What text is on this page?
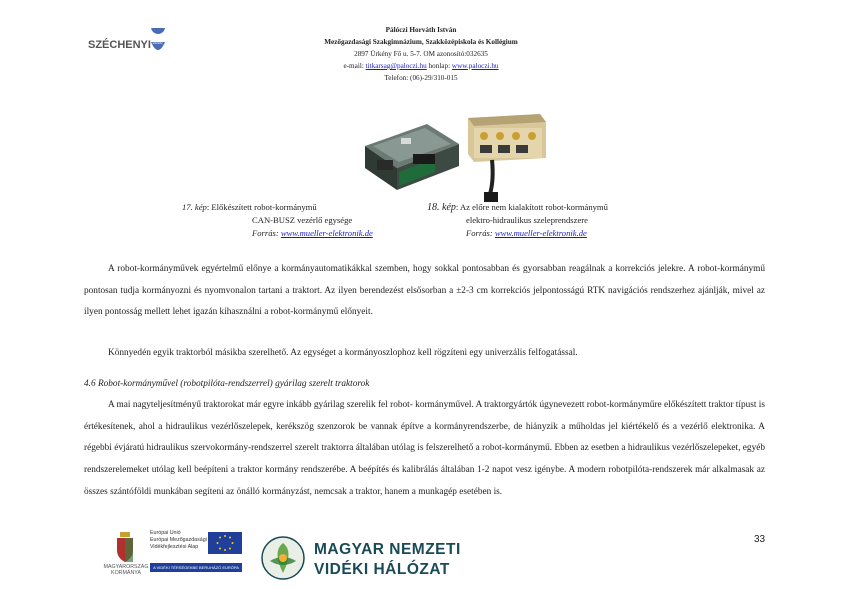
SZÉCHENYI 2020
Pálóczi Horváth István
Mezőgazdasági Szakgimnázium, Szakközépiskola és Kollégium
2897 Ürkény Fő u. 5-7. OM azonosító:032635
e-mail: titkarsag@paloczi.hu honlap: www.paloczi.hu
Telefon: (06)-29/310-015
17. kép: Előkészített robot-kormánymű
CAN-BUSZ vezérlő egysége
Forrás: www.mueller-elektronik.de
18. kép: Az előre nem kialakított robot-kormánymű
elektro-hidraulikus szeleprendszere
Forrás: www.mueller-elektronik.de
A robot-kormányművek egyértelmű előnye a kormányautomatikákkal szemben, hogy sokkal pontosabban és gyorsabban reagálnak a korrekciós jelekre. A robot-kormánymű pontosan tudja kormányozni és nyomvonalon tartani a traktort. Az ilyen berendezést elsősorban a ±2-3 cm korrekciós jelpontosságú RTK navigációs rendszerhez ajánlják, mivel az ilyen pontosság mellett lehet igazán kihasználni a robot-kormánymű előnyeit.
Könnyedén egyik traktorból másikba szerelhető. Az egységet a kormányoszlophoz kell rögzíteni egy univerzális felfogatással.
4.6 Robot-kormányművel (robotpilóta-rendszerrel) gyárilag szerelt traktorok
A mai nagyteljesítményű traktorokat már egyre inkább gyárilag szerelik fel robot- kormányművel. A traktorgyártók úgynevezett robot-kormányműre előkészített traktor típust is értékesítenek, ahol a hidraulikus vezérlőszelepek, kerékszög szenzorok be vannak építve a kormányrendszerbe, de hiányzik a műholdas jel kiértékelő és a vezérlő elektronika. A régebbi évjáratú hidraulikus szervokormány-rendszerrel szerelt traktorra általában utólag is felszerelhető a robot-kormánymű. Ebben az esetben a hidraulikus vezérlőszelepeket, egyéb rendszerelemeket utólag kell beépíteni a traktor kormány rendszerébe. A beépítés és kalibrálás általában 1-2 napot vesz igénybe. A modern robotpilóta-rendszerek már alkalmasak az összes szántóföldi munkában segíteni az önálló kormányzást, nemcsak a traktor, hanem a munkagép esetében is.
33
MAGYARORSZÁG
KORMÁNYA
Európai Unió
Európai Mezőgazdasági
Vidékfejlesztési Alap
A VIDÉKI TÉRSÉGEKBE BERUHÁZÓ EURÓPA
MAGYAR NEMZETI
VIDÉKI HÁLÓZAT
